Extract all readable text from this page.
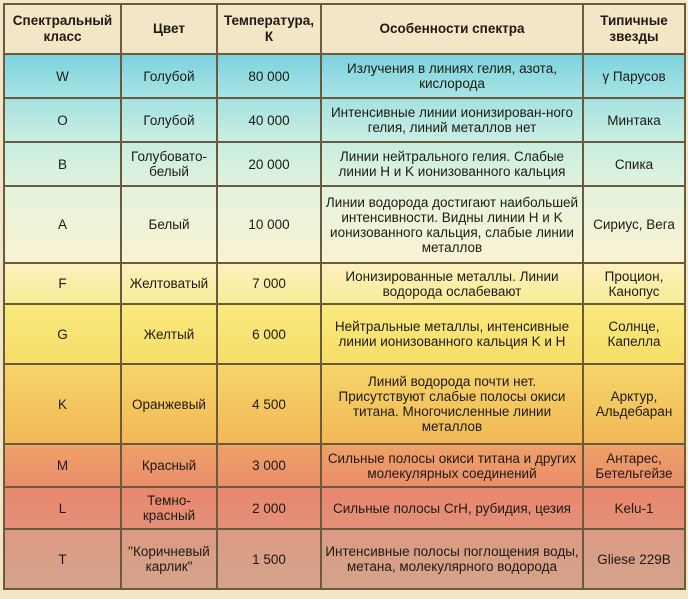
Спектральный класс	Цвет	Температура, К	Особенности спектра	Типичные звезды
W	Голубой	80 000	Излучения в линиях гелия, азота, кислорода	γ Парусов
O	Голубой	40 000	Интенсивные линии ионизирован-ного гелия, линий металлов нет	Минтака
B	Голубовато-белый	20 000	Линии нейтрального гелия. Слабые линии H и K ионизованного кальция	Спика
A	Белый	10 000	Линии водорода достигают наибольшей интенсивности. Видны линии H и K ионизованного кальция, слабые линии металлов	Сириус, Вега
F	Желтоватый	7 000	Ионизированные металлы. Линии водорода ослабевают	Процион, Канопус
G	Желтый	6 000	Нейтральные металлы, интенсивные линии ионизованного кальция K и H	Солнце, Капелла
K	Оранжевый	4 500	Линий водорода почти нет. Присутствуют слабые полосы окиси титана. Многочисленные линии металлов	Арктур, Альдебаран
M	Красный	3 000	Сильные полосы окиси титана и других молекулярных соединений	Антарес, Бетельгейзе
L	Темно-красный	2 000	Сильные полосы CrH, рубидия, цезия	Kelu-1
T	"Коричневый карлик"	1 500	Интенсивные полосы поглощения воды, метана, молекулярного водорода	Gliese 229B
